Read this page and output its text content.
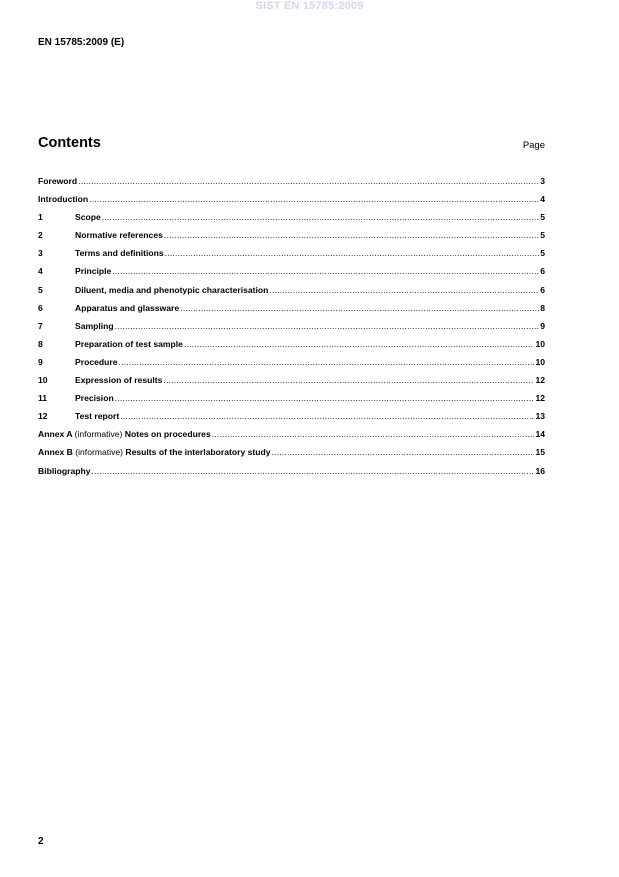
SIST EN 15785:2009
EN 15785:2009 (E)
Contents	Page
Foreword .....	3
Introduction .....	4
1	Scope .....	5
2	Normative references .....	5
3	Terms and definitions .....	5
4	Principle .....	6
5	Diluent, media and phenotypic characterisation .....	6
6	Apparatus and glassware .....	8
7	Sampling .....	9
8	Preparation of test sample .....	10
9	Procedure .....	10
10	Expression of results .....	12
11	Precision .....	12
12	Test report .....	13
Annex A (informative) Notes on procedures .....	14
Annex B (informative) Results of the interlaboratory study .....	15
Bibliography .....	16
2
